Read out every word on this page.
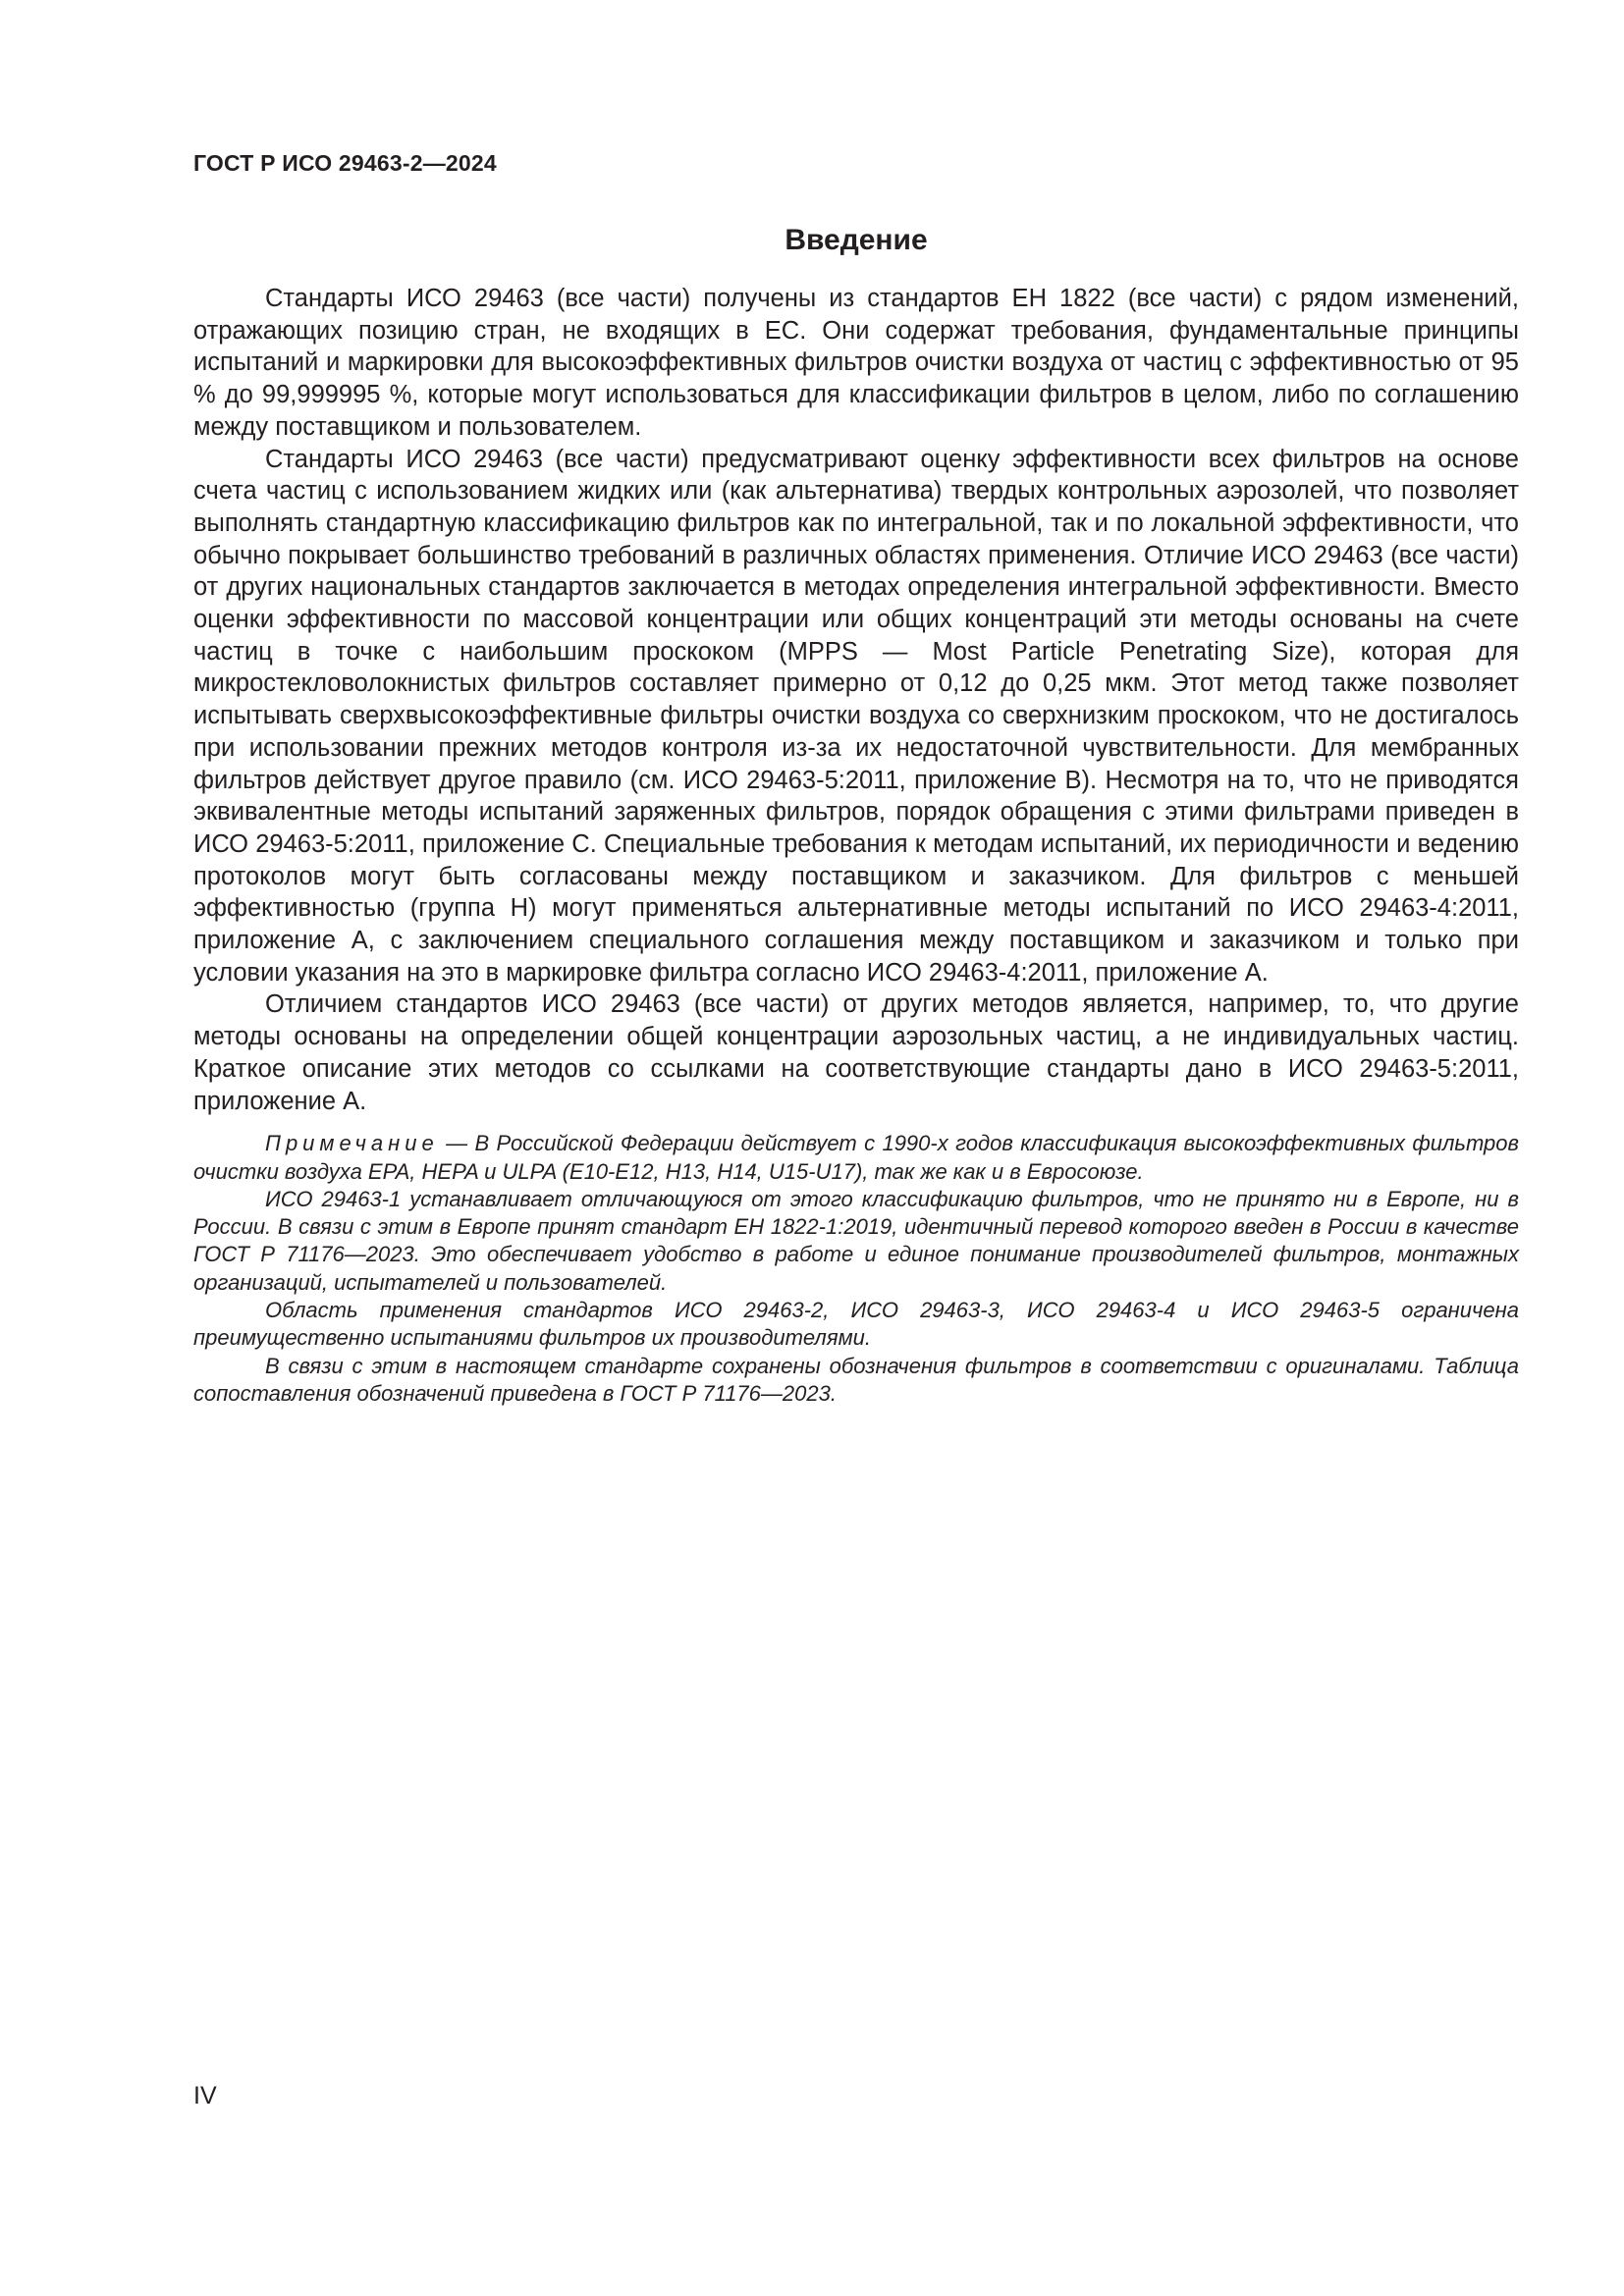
ГОСТ Р ИСО 29463-2—2024
Введение

Стандарты ИСО 29463 (все части) получены из стандартов ЕН 1822 (все части) с рядом изменений, отражающих позицию стран, не входящих в ЕС. Они содержат требования, фундаментальные принципы испытаний и маркировки для высокоэффективных фильтров очистки воздуха от частиц с эффективностью от 95 % до 99,999995 %, которые могут использоваться для классификации фильтров в целом, либо по соглашению между поставщиком и пользователем.

Стандарты ИСО 29463 (все части) предусматривают оценку эффективности всех фильтров на основе счета частиц с использованием жидких или (как альтернатива) твердых контрольных аэрозолей, что позволяет выполнять стандартную классификацию фильтров как по интегральной, так и по локальной эффективности, что обычно покрывает большинство требований в различных областях применения. Отличие ИСО 29463 (все части) от других национальных стандартов заключается в методах определения интегральной эффективности. Вместо оценки эффективности по массовой концентрации или общих концентраций эти методы основаны на счете частиц в точке с наибольшим проскоком (MPPS — Most Particle Penetrating Size), которая для микростекловолокнистых фильтров составляет примерно от 0,12 до 0,25 мкм. Этот метод также позволяет испытывать сверхвысокоэффективные фильтры очистки воздуха со сверхнизким проскоком, что не достигалось при использовании прежних методов контроля из-за их недостаточной чувствительности. Для мембранных фильтров действует другое правило (см. ИСО 29463-5:2011, приложение В). Несмотря на то, что не приводятся эквивалентные методы испытаний заряженных фильтров, порядок обращения с этими фильтрами приведен в ИСО 29463-5:2011, приложение С. Специальные требования к методам испытаний, их периодичности и ведению протоколов могут быть согласованы между поставщиком и заказчиком. Для фильтров с меньшей эффективностью (группа Н) могут применяться альтернативные методы испытаний по ИСО 29463-4:2011, приложение А, с заключением специального соглашения между поставщиком и заказчиком и только при условии указания на это в маркировке фильтра согласно ИСО 29463-4:2011, приложение А.

Отличием стандартов ИСО 29463 (все части) от других методов является, например, то, что другие методы основаны на определении общей концентрации аэрозольных частиц, а не индивидуальных частиц. Краткое описание этих методов со ссылками на соответствующие стандарты дано в ИСО 29463-5:2011, приложение А.

Примечание — В Российской Федерации действует с 1990-х годов классификация высокоэффективных фильтров очистки воздуха EPA, HEPA и ULPA (E10-E12, H13, H14, U15-U17), так же как и в Евросоюзе.

ИСО 29463-1 устанавливает отличающуюся от этого классификацию фильтров, что не принято ни в Европе, ни в России. В связи с этим в Европе принят стандарт ЕН 1822-1:2019, идентичный перевод которого введен в России в качестве ГОСТ Р 71176—2023. Это обеспечивает удобство в работе и единое понимание производителей фильтров, монтажных организаций, испытателей и пользователей.

Область применения стандартов ИСО 29463-2, ИСО 29463-3, ИСО 29463-4 и ИСО 29463-5 ограничена преимущественно испытаниями фильтров их производителями.

В связи с этим в настоящем стандарте сохранены обозначения фильтров в соответствии с оригиналами. Таблица сопоставления обозначений приведена в ГОСТ Р 71176—2023.

IV
